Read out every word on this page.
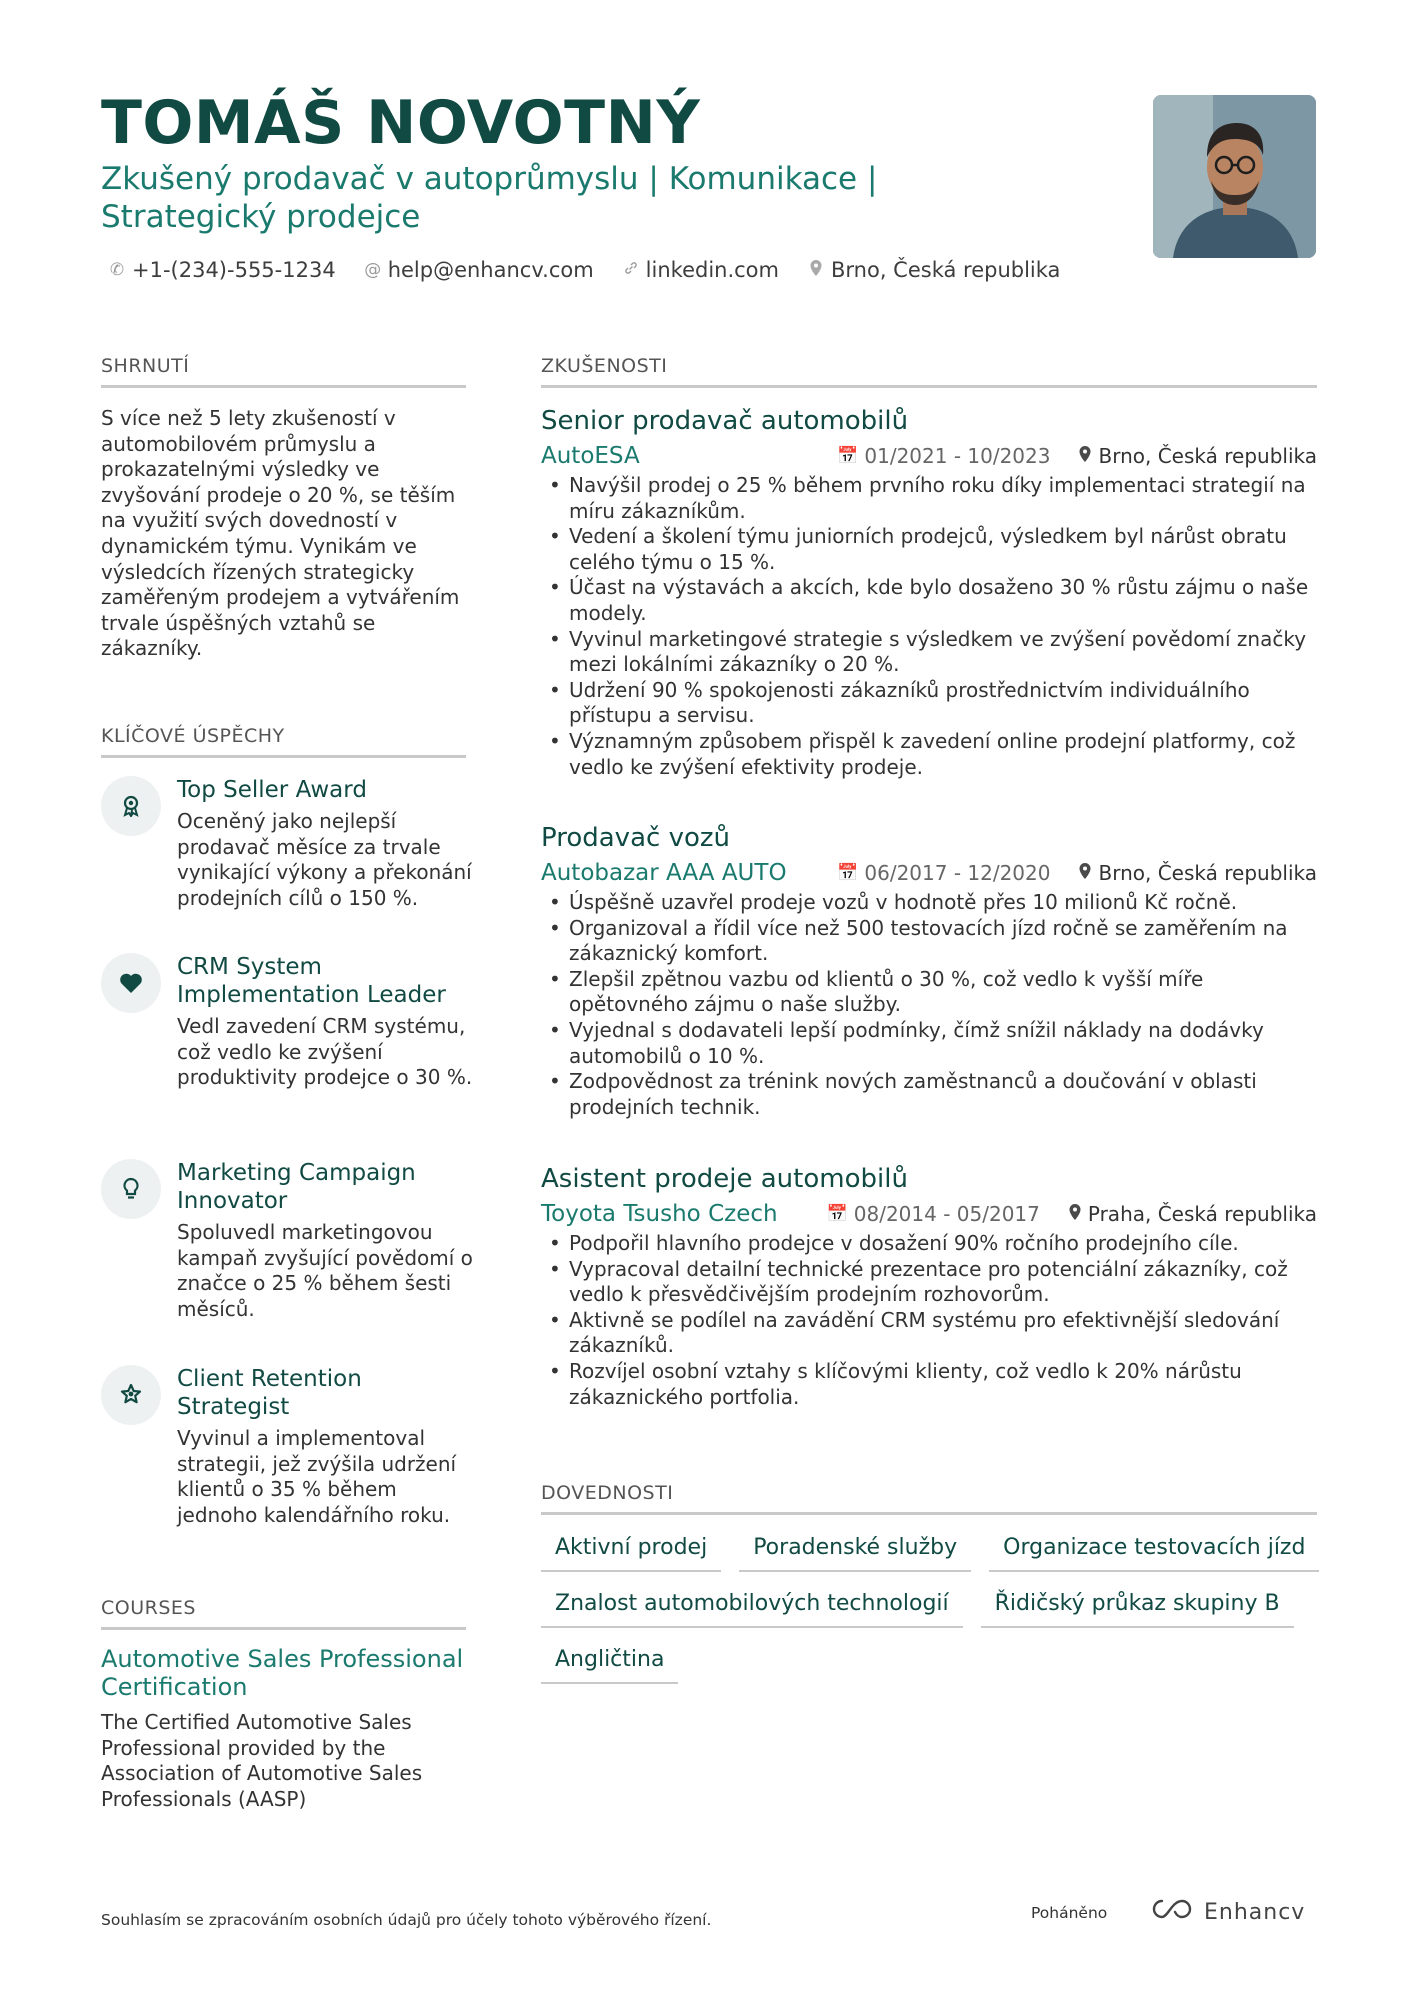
TOMÁŠ NOVOTNÝ
Zkušený prodavač v autoprůmyslu | Komunikace | Strategický prodejce
✆ +1-(234)-555-1234 @ help@enhancv.com linkedin.com Brno, Česká republika
SHRNUTÍ
S více než 5 lety zkušeností v automobilovém průmyslu a prokazatelnými výsledky ve zvyšování prodeje o 20 %, se těším na využití svých dovedností v dynamickém týmu. Vynikám ve výsledcích řízených strategicky zaměřeným prodejem a vytvářením trvale úspěšných vztahů se zákazníky.
KLÍČOVÉ ÚSPĚCHY
Top Seller Award
Oceněný jako nejlepší prodavač měsíce za trvale vynikající výkony a překonání prodejních cílů o 150 %.
CRM System Implementation Leader
Vedl zavedení CRM systému, což vedlo ke zvýšení produktivity prodejce o 30 %.
Marketing Campaign Innovator
Spoluvedl marketingovou kampaň zvyšující povědomí o značce o 25 % během šesti měsíců.
Client Retention Strategist
Vyvinul a implementoval strategii, jež zvýšila udržení klientů o 35 % během jednoho kalendářního roku.
COURSES
Automotive Sales Professional Certification
The Certified Automotive Sales Professional provided by the Association of Automotive Sales Professionals (AASP)
ZKUŠENOSTI
Senior prodavač automobilů
AutoESA	📅 01/2021 - 10/2023 Brno, Česká republika
• Navýšil prodej o 25 % během prvního roku díky implementaci strategií na míru zákazníkům.
• Vedení a školení týmu juniorních prodejců, výsledkem byl nárůst obratu celého týmu o 15 %.
• Účast na výstavách a akcích, kde bylo dosaženo 30 % růstu zájmu o naše modely.
• Vyvinul marketingové strategie s výsledkem ve zvýšení povědomí značky mezi lokálními zákazníky o 20 %.
• Udržení 90 % spokojenosti zákazníků prostřednictvím individuálního přístupu a servisu.
• Významným způsobem přispěl k zavedení online prodejní platformy, což vedlo ke zvýšení efektivity prodeje.
Prodavač vozů
Autobazar AAA AUTO	📅 06/2017 - 12/2020 Brno, Česká republika
• Úspěšně uzavřel prodeje vozů v hodnotě přes 10 milionů Kč ročně.
• Organizoval a řídil více než 500 testovacích jízd ročně se zaměřením na zákaznický komfort.
• Zlepšil zpětnou vazbu od klientů o 30 %, což vedlo k vyšší míře opětovného zájmu o naše služby.
• Vyjednal s dodavateli lepší podmínky, čímž snížil náklady na dodávky automobilů o 10 %.
• Zodpovědnost za trénink nových zaměstnanců a doučování v oblasti prodejních technik.
Asistent prodeje automobilů
Toyota Tsusho Czech	📅 08/2014 - 05/2017 Praha, Česká republika
• Podpořil hlavního prodejce v dosažení 90% ročního prodejního cíle.
• Vypracoval detailní technické prezentace pro potenciální zákazníky, což vedlo k přesvědčivějším prodejním rozhovorům.
• Aktivně se podílel na zavádění CRM systému pro efektivnější sledování zákazníků.
• Rozvíjel osobní vztahy s klíčovými klienty, což vedlo k 20% nárůstu zákaznického portfolia.
DOVEDNOSTI
Aktivní prodej	Poradenské služby	Organizace testovacích jízd
Znalost automobilových technologií	Řidičský průkaz skupiny B
Angličtina
Souhlasím se zpracováním osobních údajů pro účely tohoto výběrového řízení.	Poháněno	Enhancv
